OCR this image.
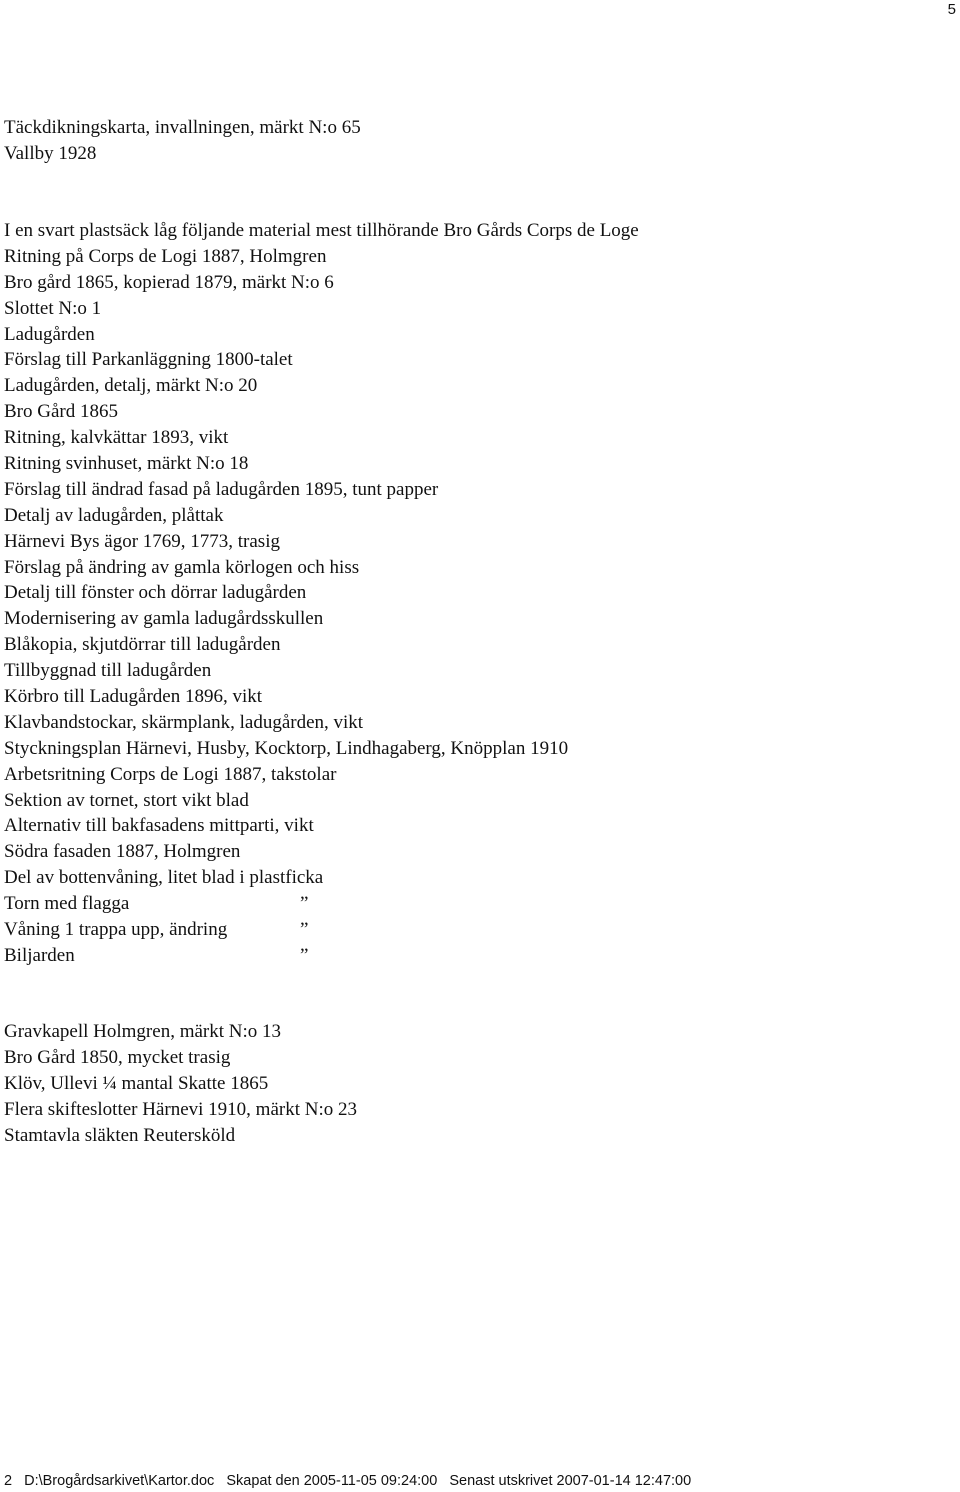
5
Täckdikningskarta, invallningen, märkt N:o 65
Vallby 1928
I en svart plastsäck låg följande material mest tillhörande Bro Gårds Corps de Loge
Ritning på Corps de Logi 1887, Holmgren
Bro gård 1865, kopierad 1879, märkt N:o 6
Slottet N:o 1
Ladugården
Förslag till Parkanläggning 1800-talet
Ladugården, detalj, märkt N:o 20
Bro Gård 1865
Ritning, kalvkättar 1893, vikt
Ritning svinhuset, märkt N:o 18
Förslag till ändrad fasad på ladugården 1895, tunt papper
Detalj av ladugården, plåttak
Härnevi Bys ägor 1769, 1773, trasig
Förslag på ändring av gamla körlogen och hiss
Detalj till fönster och dörrar ladugården
Modernisering av gamla ladugårdsskullen
Blåkopia, skjutdörrar till ladugården
Tillbyggnad till ladugården
Körbro till Ladugården 1896, vikt
Klavbandstockar, skärmplank, ladugården, vikt
Styckningsplan Härnevi, Husby, Kocktorp, Lindhagaberg, Knöpplan 1910
Arbetsritning Corps de Logi 1887, takstolar
Sektion av tornet, stort vikt blad
Alternativ till bakfasadens mittparti, vikt
Södra fasaden 1887, Holmgren
Del av bottenvåning, litet blad i plastficka
Torn med flagga	”
Våning 1 trappa upp, ändring	”
Biljarden	”
Gravkapell Holmgren, märkt N:o 13
Bro Gård 1850, mycket trasig
Klöv, Ullevi ¼ mantal Skatte 1865
Flera skifteslotter Härnevi 1910, märkt N:o 23
Stamtavla släkten Reutersköld
2 D:\Brogårdsarkivet\Kartor.doc Skapat den 2005-11-05 09:24:00 Senast utskrivet 2007-01-14 12:47:00
